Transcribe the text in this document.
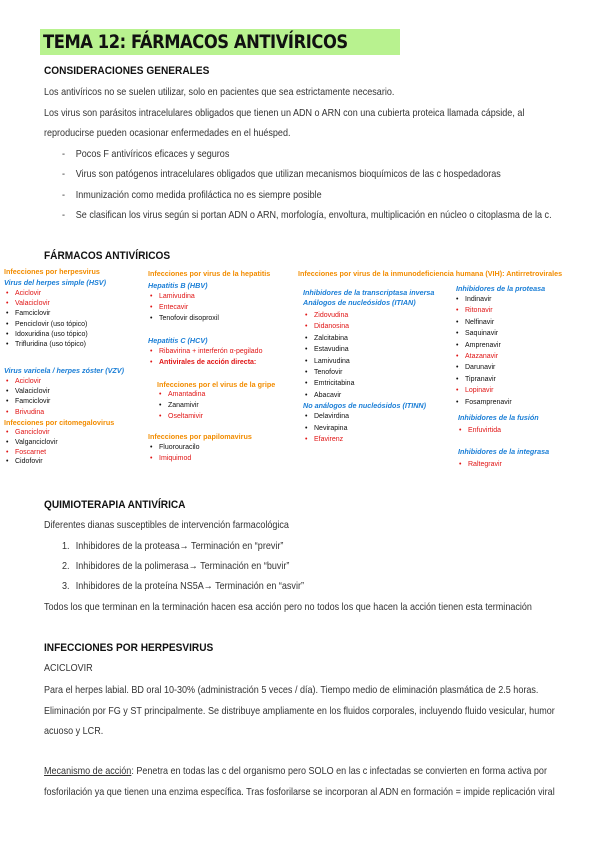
TEMA 12: FÁRMACOS ANTIVÍRICOS
CONSIDERACIONES GENERALES
Los antivíricos no se suelen utilizar, solo en pacientes que sea estrictamente necesario.
Los virus son parásitos intracelulares obligados que tienen un ADN o ARN con una cubierta proteica llamada cápside, al
reproducirse pueden ocasionar enfermedades en el huésped.
- Pocos F antivíricos eficaces y seguros
- Virus son patógenos intracelulares obligados que utilizan mecanismos bioquímicos de las c hospedadoras
- Inmunización como medida profiláctica no es siempre posible
- Se clasifican los virus según si portan ADN o ARN, morfología, envoltura, multiplicación en núcleo o citoplasma de la c.
FÁRMACOS ANTIVÍRICOS
Infecciones por herpesvirus
Virus del herpes simple (HSV)
Virus varicela / herpes zóster (VZV)
Infecciones por citomegalovirus
Infecciones por virus de la hepatitis
Hepatitis B (HBV)
Hepatitis C (HCV)
Infecciones por el virus de la gripe
Infecciones por papilomavirus
Infecciones por virus de la inmunodeficiencia humana (VIH): Antirretrovirales
Inhibidores de la transcriptasa inversa
Análogos de nucleósidos (ITIAN)
No análogos de nucleósidos (ITINN)
Inhibidores de la proteasa
Inhibidores de la fusión
Inhibidores de la integrasa
QUIMIOTERAPIA ANTIVÍRICA
Diferentes dianas susceptibles de intervención farmacológica
1. Inhibidores de la proteasa→ Terminación en “previr”
2. Inhibidores de la polimerasa→ Terminación en “buvir”
3. Inhibidores de la proteína NS5A→ Terminación en “asvir”
Todos los que terminan en la terminación hacen esa acción pero no todos los que hacen la acción tienen esta terminación
INFECCIONES POR HERPESVIRUS
ACICLOVIR
Para el herpes labial. BD oral 10-30% (administración 5 veces / día). Tiempo medio de eliminación plasmática de 2.5 horas.
Eliminación por FG y ST principalmente. Se distribuye ampliamente en los fluidos corporales, incluyendo fluido vesicular, humor
acuoso y LCR.
Mecanismo de acción: Penetra en todas las c del organismo pero SOLO en las c infectadas se convierten en forma activa por
fosforilación ya que tienen una enzima específica. Tras fosforilarse se incorporan al ADN en formación = impide replicación viral
• Aciclovir
• Valaciclovir
• Famciclovir
• Penciclovir (uso tópico)
• Idoxuridina (uso tópico)
• Trifluridina (uso tópico)
• Aciclovir
• Valaciclovir
• Famciclovir
• Brivudina
• Ganciclovir
• Valganciclovir
• Foscarnet
• Cidofovir
• Lamivudina
• Entecavir
• Tenofovir disoproxil
• Ribavirina + interferón α-pegilado
• Antivirales de acción directa:
• Amantadina
• Zanamivir
• Oseltamivir
• Fluorouracilo
• Imiquimod
• Zidovudina
• Didanosina
• Zalcitabina
• Estavudina
• Lamivudina
• Tenofovir
• Emtricitabina
• Abacavir
• Delavirdina
• Nevirapina
• Efavirenz
• Indinavir
• Ritonavir
• Nelfinavir
• Saquinavir
• Amprenavir
• Atazanavir
• Darunavir
• Tipranavir
• Lopinavir
• Fosamprenavir
• Enfuvirtida
• Raltegravir
